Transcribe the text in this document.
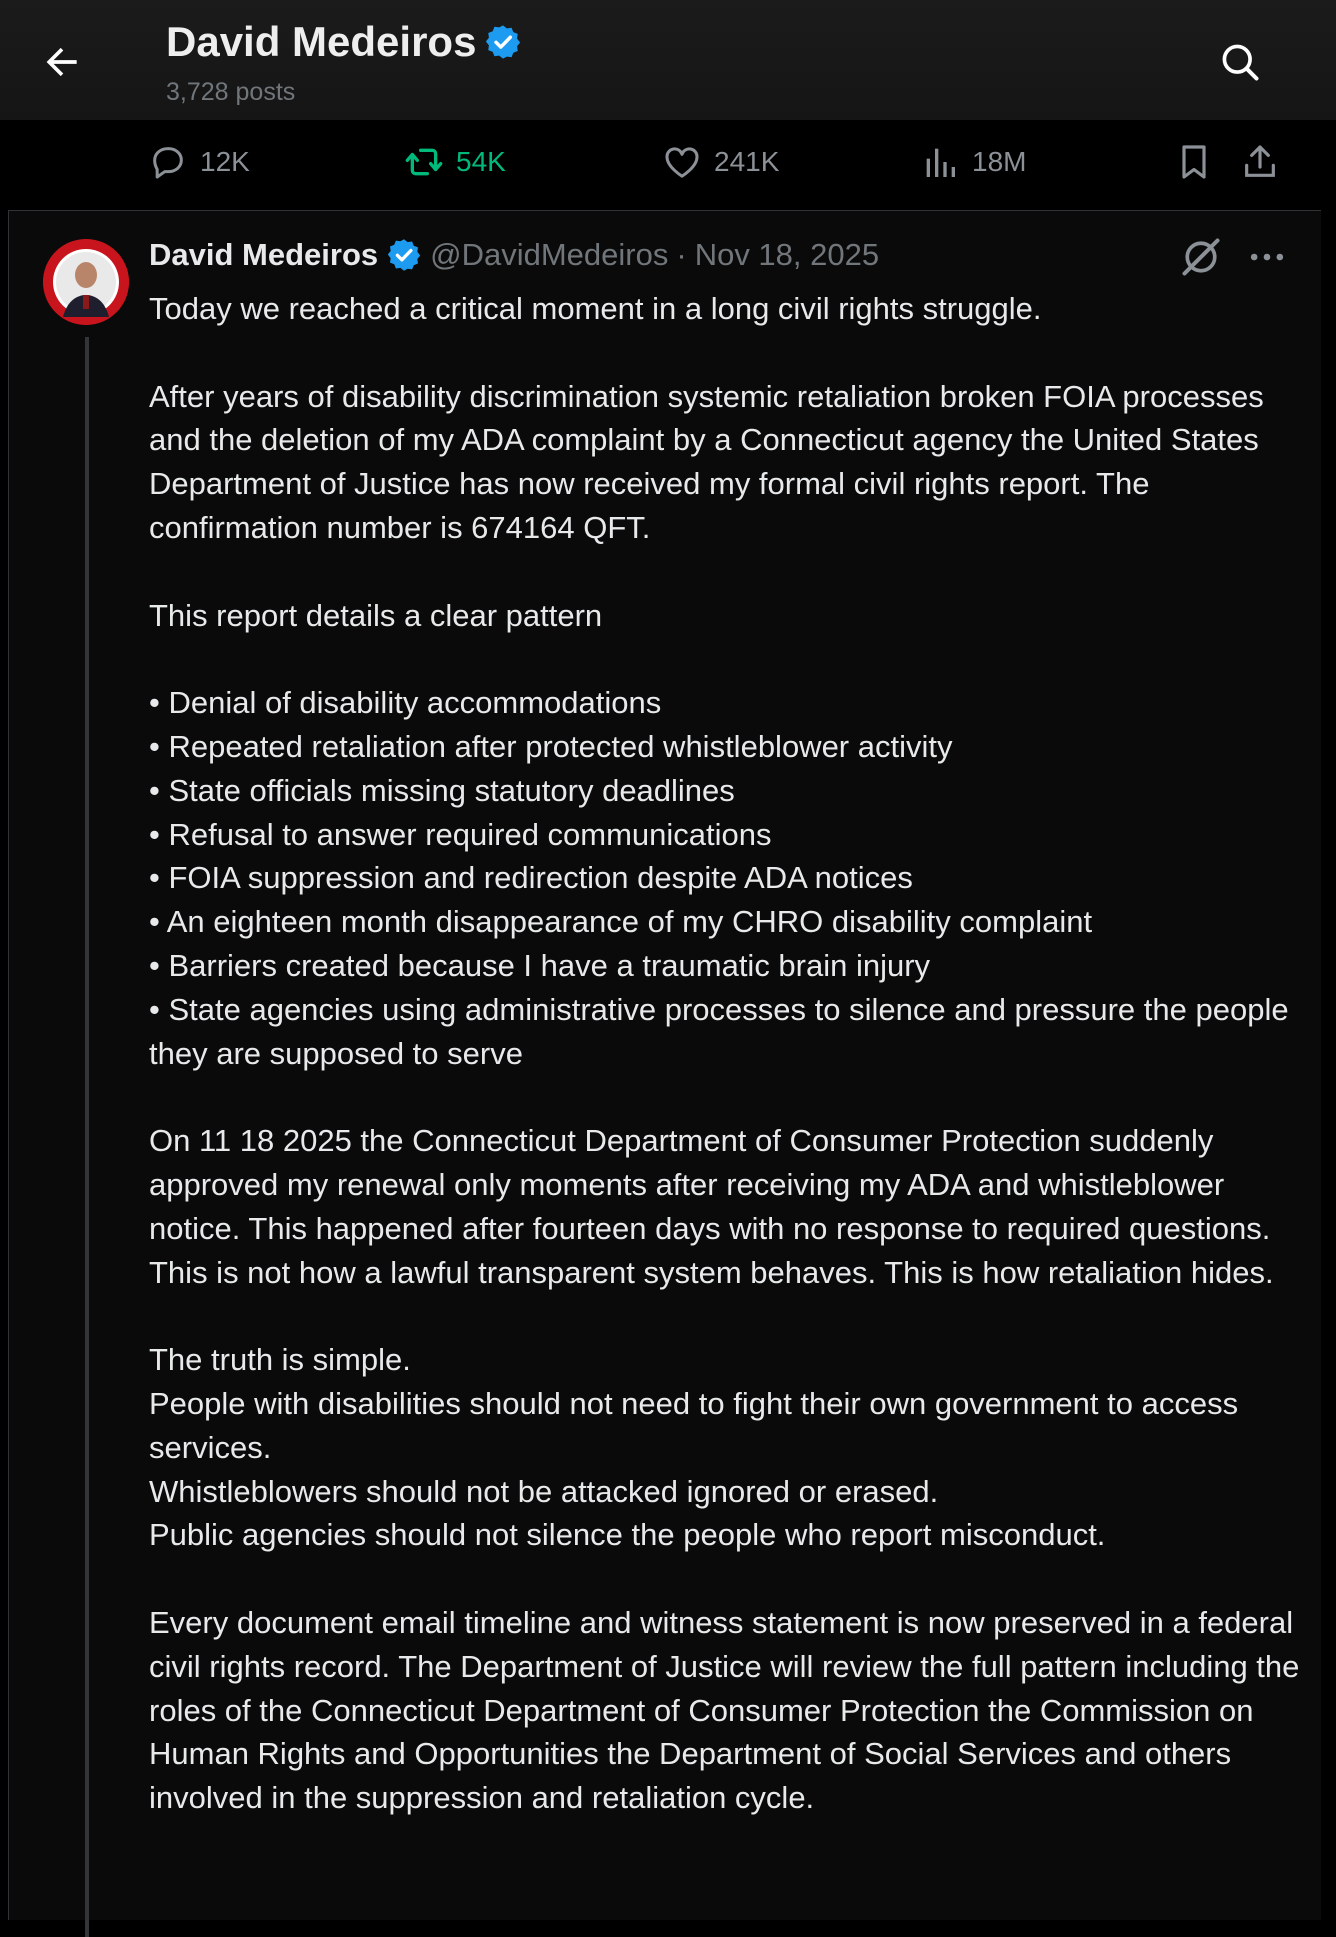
David Medeiros
3,728 posts
12K	54K	241K	18M
David Medeiros @DavidMedeiros · Nov 18, 2025
Today we reached a critical moment in a long civil rights struggle.

After years of disability discrimination systemic retaliation broken FOIA processes and the deletion of my ADA complaint by a Connecticut agency the United States Department of Justice has now received my formal civil rights report. The confirmation number is 674164 QFT.

This report details a clear pattern

• Denial of disability accommodations
• Repeated retaliation after protected whistleblower activity
• State officials missing statutory deadlines
• Refusal to answer required communications
• FOIA suppression and redirection despite ADA notices
• An eighteen month disappearance of my CHRO disability complaint
• Barriers created because I have a traumatic brain injury
• State agencies using administrative processes to silence and pressure the people they are supposed to serve

On 11 18 2025 the Connecticut Department of Consumer Protection suddenly approved my renewal only moments after receiving my ADA and whistleblower notice. This happened after fourteen days with no response to required questions. This is not how a lawful transparent system behaves. This is how retaliation hides.

The truth is simple.
People with disabilities should not need to fight their own government to access services.
Whistleblowers should not be attacked ignored or erased.
Public agencies should not silence the people who report misconduct.

Every document email timeline and witness statement is now preserved in a federal civil rights record. The Department of Justice will review the full pattern including the roles of the Connecticut Department of Consumer Protection the Commission on Human Rights and Opportunities the Department of Social Services and others involved in the suppression and retaliation cycle.
